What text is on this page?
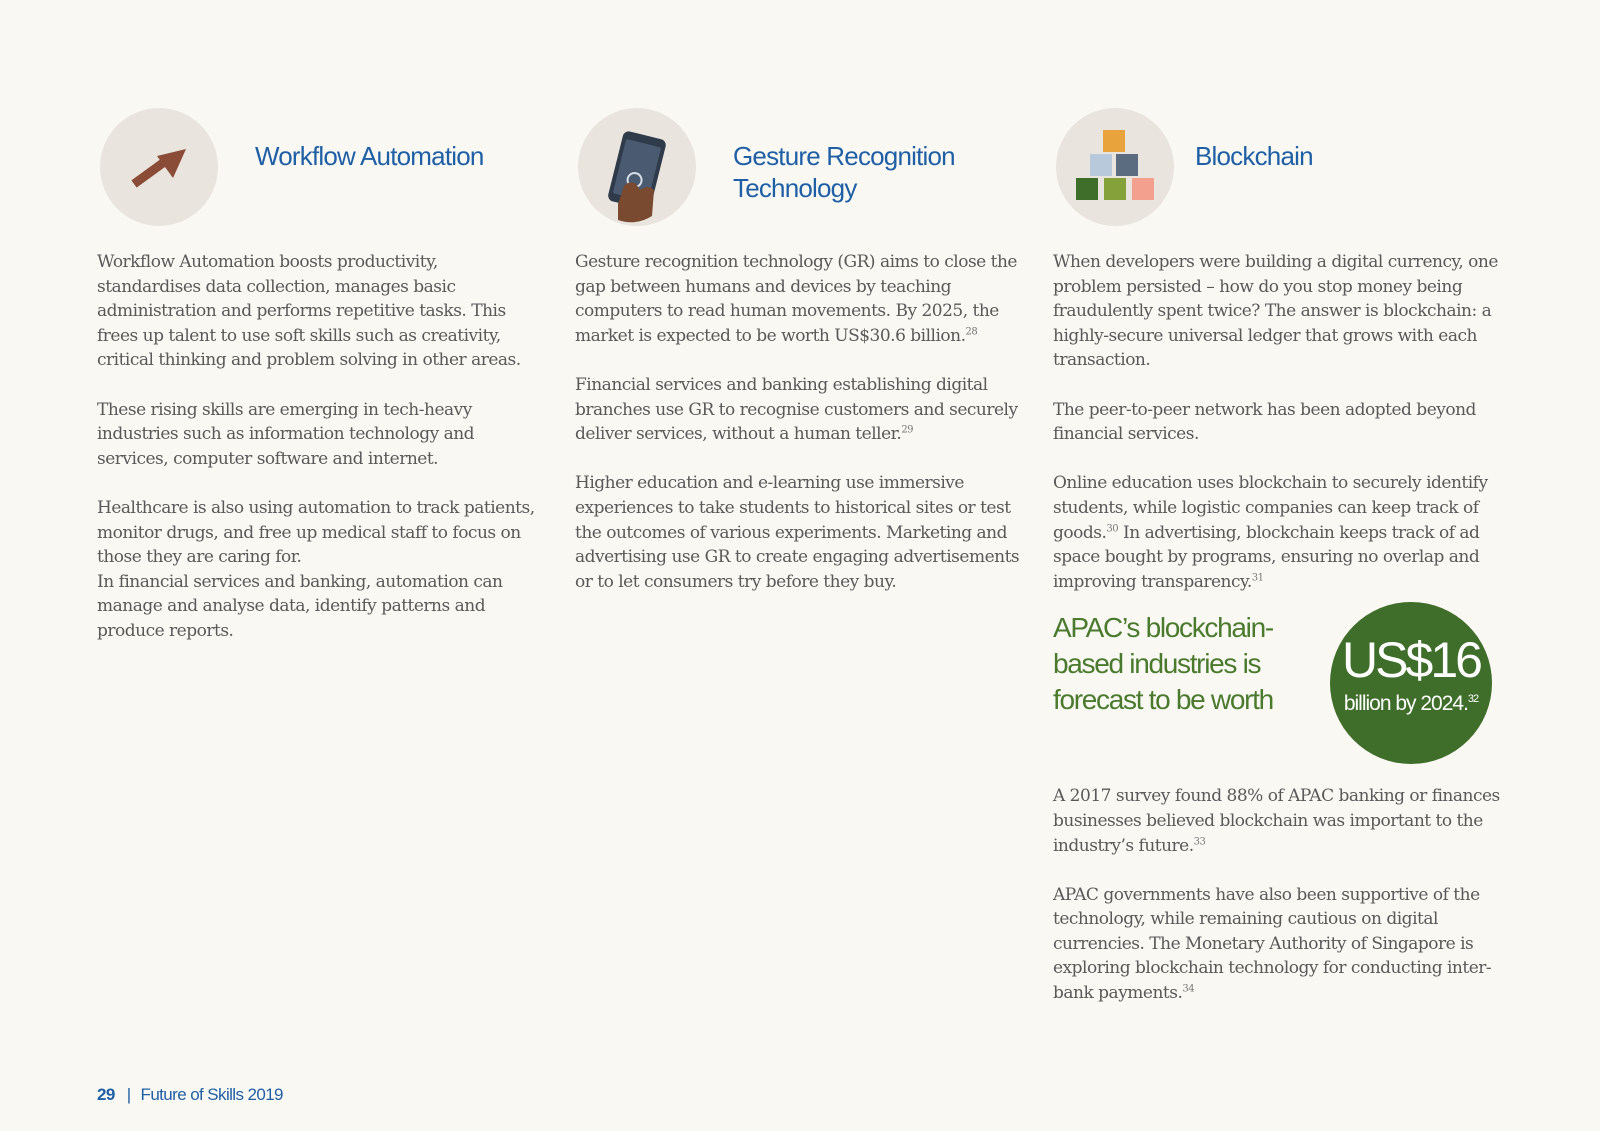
Workflow Automation

Workflow Automation boosts productivity, standardises data collection, manages basic administration and performs repetitive tasks. This frees up talent to use soft skills such as creativity, critical thinking and problem solving in other areas.

These rising skills are emerging in tech-heavy industries such as information technology and services, computer software and internet.

Healthcare is also using automation to track patients, monitor drugs, and free up medical staff to focus on those they are caring for.

In financial services and banking, automation can manage and analyse data, identify patterns and produce reports.

Gesture Recognition
Technology

Gesture recognition technology (GR) aims to close the gap between humans and devices by teaching computers to read human movements. By 2025, the market is expected to be worth US$30.6 billion.$^{28}$

Financial services and banking establishing digital branches use GR to recognise customers and securely deliver services, without a human teller.$^{29}$

Higher education and e-learning use immersive experiences to take students to historical sites or test the outcomes of various experiments. Marketing and advertising use GR to create engaging advertisements or to let consumers try before they buy.

Blockchain

When developers were building a digital currency, one problem persisted – how do you stop money being fraudulently spent twice? The answer is blockchain: a highly-secure universal ledger that grows with each transaction.

The peer-to-peer network has been adopted beyond financial services.

Online education uses blockchain to securely identify students, while logistic companies can keep track of goods.$^{30}$ In advertising, blockchain keeps track of ad space bought by programs, ensuring no overlap and improving transparency.$^{31}$

APAC’s blockchain-based industries is forecast to be worth
US$16
billion by 2024.32

A 2017 survey found 88% of APAC banking or finances businesses believed blockchain was important to the industry’s future.$^{33}$

APAC governments have also been supportive of the technology, while remaining cautious on digital currencies. The Monetary Authority of Singapore is exploring blockchain technology for conducting inter-bank payments.$^{34}$

29 | Future of Skills 2019
